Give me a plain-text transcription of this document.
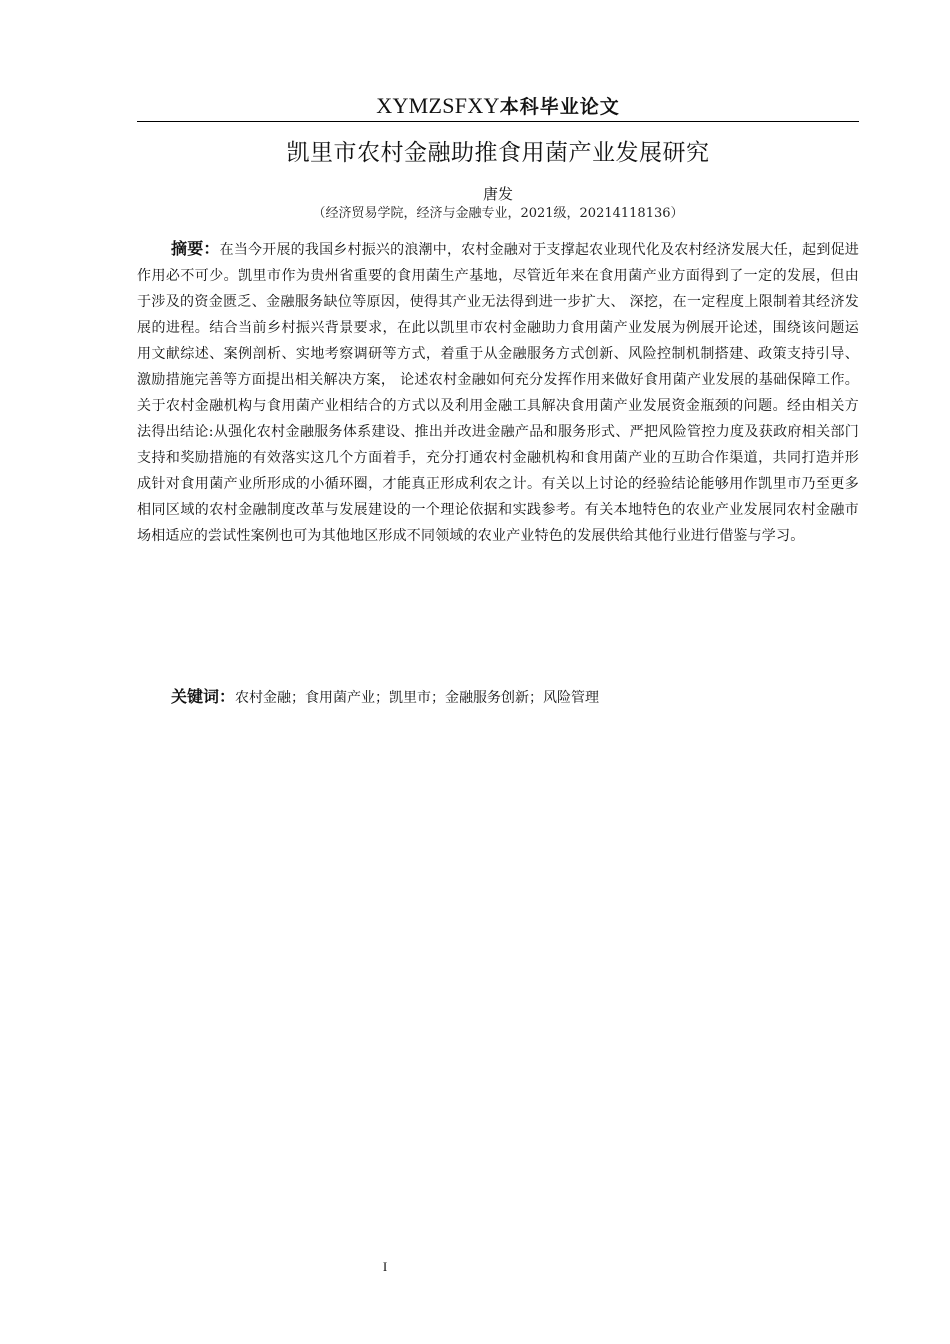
XYMZSFXY本科毕业论文
凯里市农村金融助推食用菌产业发展研究
唐发
（经济贸易学院，经济与金融专业，2021级，20214118136）

摘要：在当今开展的我国乡村振兴的浪潮中，农村金融对于支撑起农业现代化及农村经济发展大任，起到促进作用必不可少。凯里市作为贵州省重要的食用菌生产基地，尽管近年来在食用菌产业方面得到了一定的发展，但由于涉及的资金匮乏、金融服务缺位等原因，使得其产业无法得到进一步扩大、 深挖，在一定程度上限制着其经济发展的进程。结合当前乡村振兴背景要求，在此以凯里市农村金融助力食用菌产业发展为例展开论述，围绕该问题运用文献综述、案例剖析、实地考察调研等方式，着重于从金融服务方式创新、风险控制机制搭建、政策支持引导、激励措施完善等方面提出相关解决方案， 论述农村金融如何充分发挥作用来做好食用菌产业发展的基础保障工作。关于农村金融机构与食用菌产业相结合的方式以及利用金融工具解决食用菌产业发展资金瓶颈的问题。经由相关方法得出结论:从强化农村金融服务体系建设、推出并改进金融产品和服务形式、严把风险管控力度及获政府相关部门支持和奖励措施的有效落实这几个方面着手，充分打通农村金融机构和食用菌产业的互助合作渠道，共同打造并形成针对食用菌产业所形成的小循环圈，才能真正形成利农之计。有关以上讨论的经验结论能够用作凯里市乃至更多相同区域的农村金融制度改革与发展建设的一个理论依据和实践参考。有关本地特色的农业产业发展同农村金融市场相适应的尝试性案例也可为其他地区形成不同领域的农业产业特色的发展供给其他行业进行借鉴与学习。

关键词：农村金融；食用菌产业；凯里市；金融服务创新；风险管理

I
